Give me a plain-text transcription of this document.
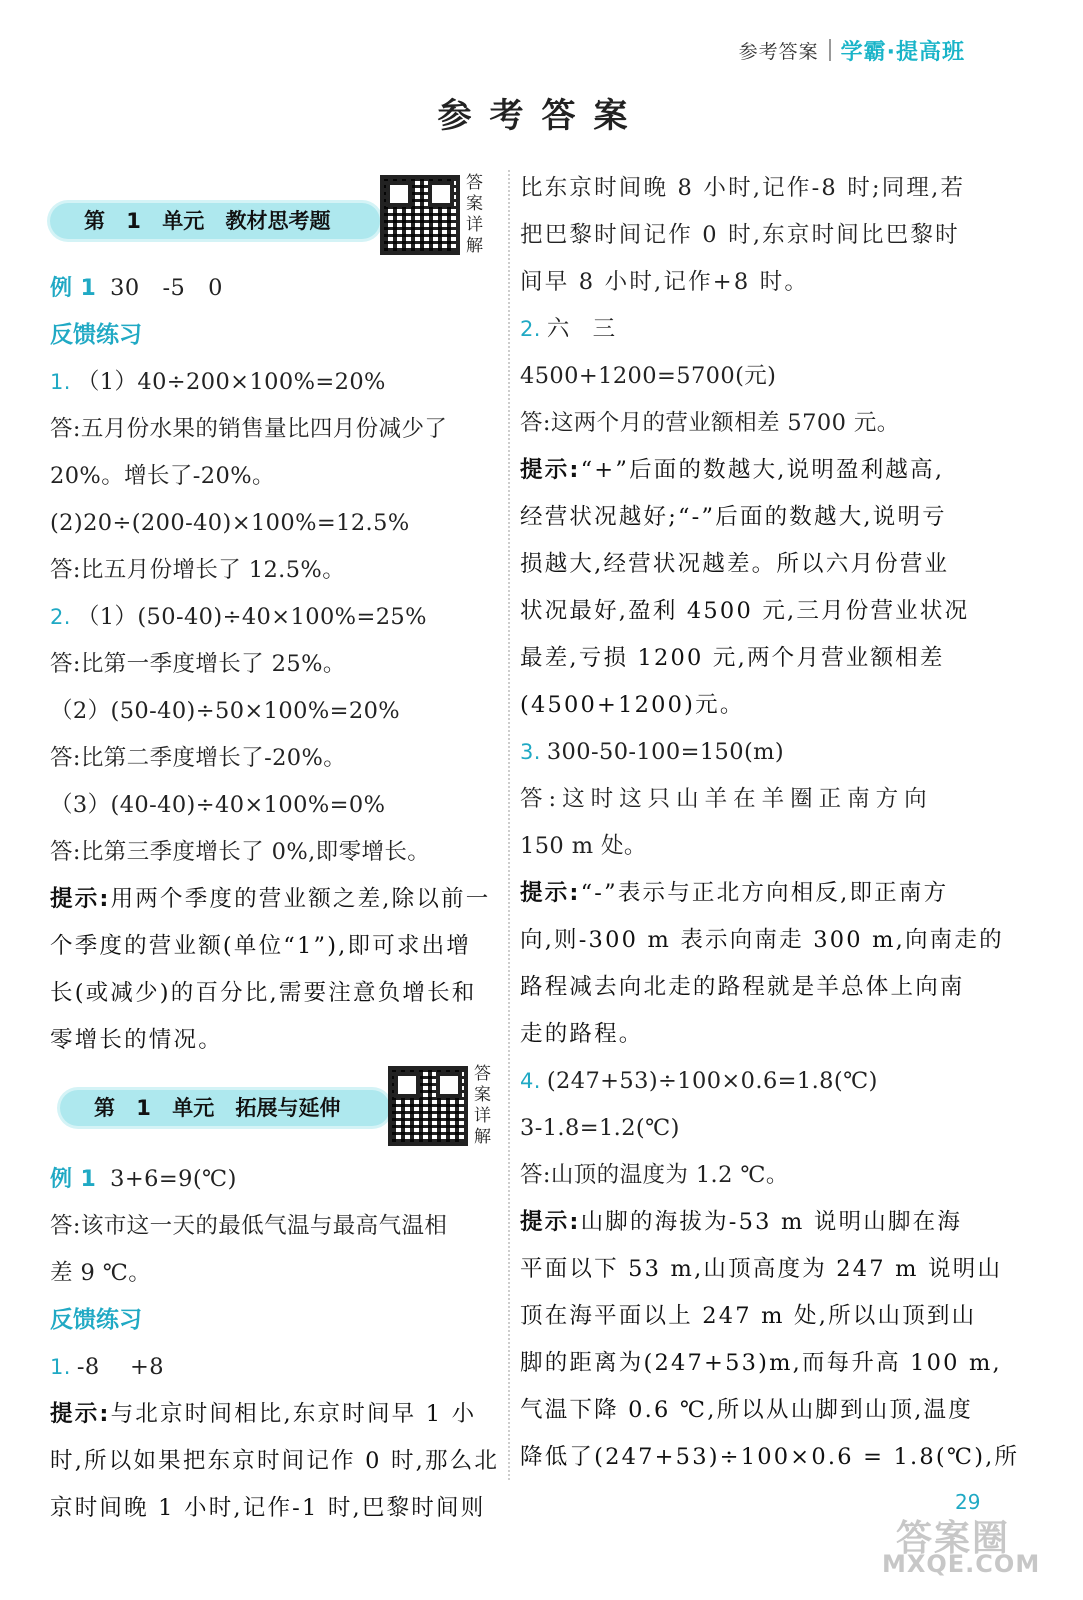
参考答案 学霸·提高班
参考答案
第 1 单元 教材思考题
答案详解
例 1 30　-5　0
反馈练习
1. （1）40÷200×100%=20%
答:五月份水果的销售量比四月份减少了
20%。增长了-20%。
(2)20÷(200-40)×100%=12.5%
答:比五月份增长了 12.5%。
2. （1）(50-40)÷40×100%=25%
答:比第一季度增长了 25%。
（2）(50-40)÷50×100%=20%
答:比第二季度增长了-20%。
（3）(40-40)÷40×100%=0%
答:比第三季度增长了 0%,即零增长。
提示:用两个季度的营业额之差,除以前一
个季度的营业额(单位“1”),即可求出增
长(或减少)的百分比,需要注意负增长和
零增长的情况。
第 1 单元 拓展与延伸
答案详解
例 1 3+6=9(℃)
答:该市这一天的最低气温与最高气温相
差 9 ℃。
反馈练习
1. -8　 +8
提示:与北京时间相比,东京时间早 1 小
时,所以如果把东京时间记作 0 时,那么北
京时间晚 1 小时,记作-1 时,巴黎时间则
比东京时间晚 8 小时,记作-8 时;同理,若
把巴黎时间记作 0 时,东京时间比巴黎时
间早 8 小时,记作+8 时。
2. 六　三
4500+1200=5700(元)
答:这两个月的营业额相差 5700 元。
提示:“+”后面的数越大,说明盈利越高,
经营状况越好;“-”后面的数越大,说明亏
损越大,经营状况越差。所以六月份营业
状况最好,盈利 4500 元,三月份营业状况
最差,亏损 1200 元,两个月营业额相差
(4500+1200)元。
3. 300-50-100=150(m)
答:这时这只山羊在羊圈正南方向
150 m 处。
提示:“-”表示与正北方向相反,即正南方
向,则-300 m 表示向南走 300 m,向南走的
路程减去向北走的路程就是羊总体上向南
走的路程。
4. (247+53)÷100×0.6=1.8(℃)
3-1.8=1.2(℃)
答:山顶的温度为 1.2 ℃。
提示:山脚的海拔为-53 m 说明山脚在海
平面以下 53 m,山顶高度为 247 m 说明山
顶在海平面以上 247 m 处,所以山顶到山
脚的距离为(247+53)m,而每升高 100 m,
气温下降 0.6 ℃,所以从山脚到山顶,温度
降低了(247+53)÷100×0.6 = 1.8(℃),所
29
答案圈
MXQE.COM
